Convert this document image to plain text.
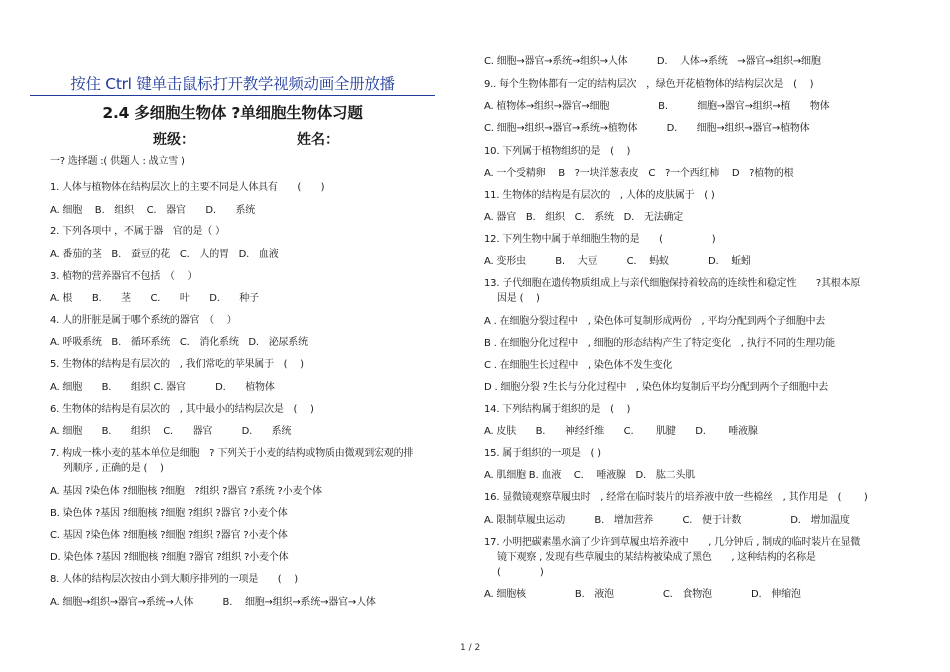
按住 Ctrl 键单击鼠标打开教学视频动画全册放播
2.4 多细胞生物体 ?单细胞生物体习题
班级：	姓名：
一? 选择题 :( 供题人 : 战立雪 )
1. 人体与植物体在结构层次上的主要不同是人体具有　　(　　)
A. 细胞　 B.　组织　 C.　器官　　D.　　系统
2. 下列各项中 ，不属于器　官的是（ ）
A. 番茄的茎　B.　蚕豆的花　C.　人的胃　D.　血液
3. 植物的营养器官不包括　（　 ）
A. 根　　B.　　茎　　C.　　叶　　D.　　种子
4. 人的肝脏是属于哪个系统的器官　（　 ）
A. 呼吸系统　B.　循环系统　C.　消化系统　D.　泌尿系统
5. 生物体的结构是有层次的　, 我们常吃的苹果属于　(　 )
A. 细胞　　B.　　组织 C. 器官　　　D.　　植物体
6. 生物体的结构是有层次的　, 其中最小的结构层次是　(　 )
A. 细胞　　B.　　组织　 C.　　器官　　　D.　　系统
7. 构成一株小麦的基本单位是细胞　? 下列关于小麦的结构或物质由微观到宏观的排
列顺序 , 正确的是 (　 )
A. 基因 ?染色体 ?细胞核 ?细胞　?组织 ?器官 ?系统 ?小麦个体
B. 染色体 ?基因 ?细胞核 ?细胞 ?组织 ?器官 ?小麦个体
C. 基因 ?染色体 ?细胞核 ?细胞 ?组织 ?器官 ?小麦个体
D. 染色体 ?基因 ?细胞核 ?细胞 ?器官 ?组织 ?小麦个体
8. 人体的结构层次按由小到大顺序排列的一项是　　(　 )
A. 细胞→组织→器官→系统→人体　　　B.　 细胞→组织→系统→器官→人体
C. 细胞→器官→系统→组织→人体　　　D.　 人体→系统　→器官→组织→细胞
9.. 每个生物体都有一定的结构层次　，绿色开花植物体的结构层次是　(　 )
A. 植物体→组织→器官→细胞　　　　　B.　　　细胞→器官→组织→植　　物体
C. 细胞→组织→器官→系统→植物体　　　D.　　细胞→组织→器官→植物体
10. 下列属于植物组织的是　(　 )
A. 一个受精卵　 B　?一块洋葱表皮　C　?一个西红柿　 D　?植物的根
11. 生物体的结构是有层次的　, 人体的皮肤属于　( )
A. 器官　B.　组织　C.　系统　D.　无法确定
12. 下列生物中属于单细胞生物的是　　(　　　　　)
A. 变形虫　　　B.　 大豆　　　C.　 蚂蚁　　　　D.　 蚯蚓
13. 子代细胞在遗传物质组成上与亲代细胞保持着较高的连续性和稳定性　　?其根本原
因是 (　 )
A . 在细胞分裂过程中　, 染色体可复制形成两份　, 平均分配到两个子细胞中去
B . 在细胞分化过程中　, 细胞的形态结构产生了特定变化　, 执行不同的生理功能
C . 在细胞生长过程中　, 染色体不发生变化
D . 细胞分裂 ?生长与分化过程中　, 染色体均复制后平均分配到两个子细胞中去
14. 下列结构属于组织的是　(　 )
A. 皮肤　　B.　　神经纤维　　C.　　 肌腱　　D.　　 唾液腺
15. 属于组织的一项是　( )
A. 肌细胞 B. 血液　 C.　 唾液腺　D.　肱二头肌
16. 显微镜观察草履虫时　, 经常在临时装片的培养液中放一些棉丝　, 其作用是　(　　 )
A. 限制草履虫运动　　　B.　增加营养　　　C.　便于计数　　　　　D.　增加温度
17. 小明把碳素墨水滴了少许到草履虫培养液中　　, 几分钟后 , 制成的临时装片在显微
镜下观察 , 发现有些草履虫的某结构被染成了黑色　　, 这种结构的名称是
(　　　　)
A. 细胞核　　　　　B.　液泡　　　　　C.　食物泡　　　　D.　伸缩泡
1 / 2
